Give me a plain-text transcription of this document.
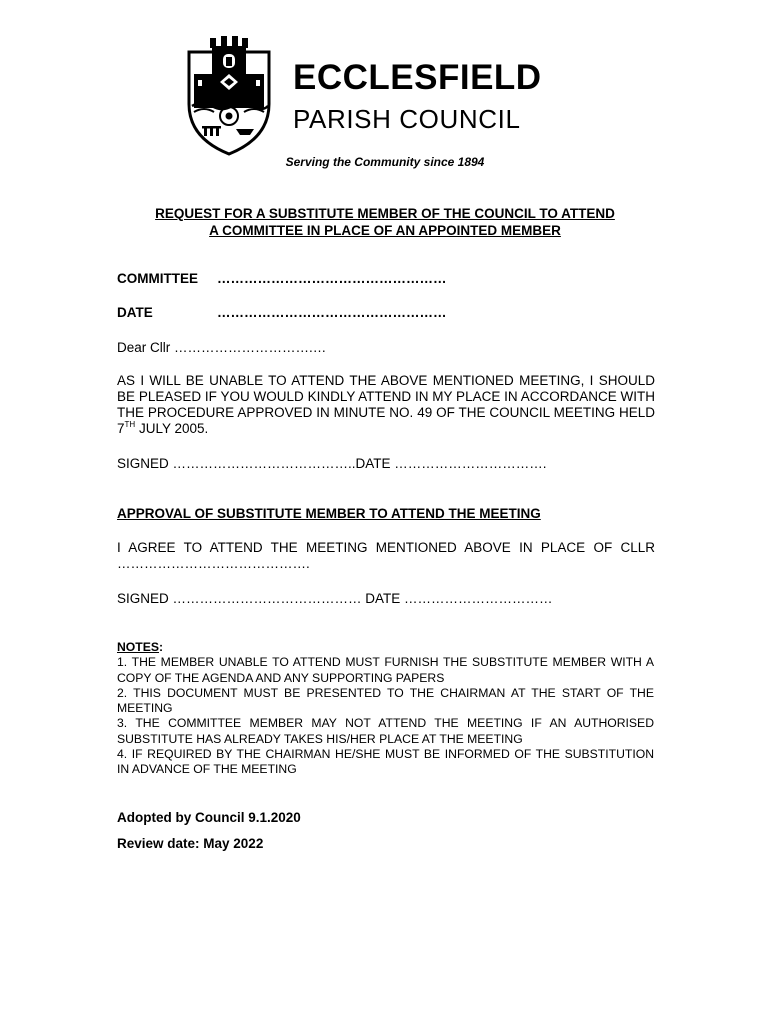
ECCLESFIELD
PARISH COUNCIL
Serving the Community since 1894
REQUEST FOR A SUBSTITUTE MEMBER OF THE COUNCIL TO ATTEND
A COMMITTEE IN PLACE OF AN APPOINTED MEMBER
COMMITTEE ……………………………………………
DATE	……………………………………………
Dear Cllr ………………………….…
AS I WILL BE UNABLE TO ATTEND THE ABOVE MENTIONED MEETING, I SHOULD BE PLEASED IF YOU WOULD KINDLY ATTEND IN MY PLACE IN ACCORDANCE WITH THE PROCEDURE APPROVED IN MINUTE NO. 49 OF THE COUNCIL MEETING HELD 7TH JULY 2005.
SIGNED …………………………………..DATE …………………………….
APPROVAL OF SUBSTITUTE MEMBER TO ATTEND THE MEETING
I AGREE TO ATTEND THE MEETING MENTIONED ABOVE IN PLACE OF CLLR …………………………………….
SIGNED …………………………………… DATE ……………………………
NOTES:

1. THE MEMBER UNABLE TO ATTEND MUST FURNISH THE SUBSTITUTE MEMBER WITH A COPY OF THE AGENDA AND ANY SUPPORTING PAPERS

2. THIS DOCUMENT MUST BE PRESENTED TO THE CHAIRMAN AT THE START OF THE MEETING

3. THE COMMITTEE MEMBER MAY NOT ATTEND THE MEETING IF AN AUTHORISED SUBSTITUTE HAS ALREADY TAKES HIS/HER PLACE AT THE MEETING

4. IF REQUIRED BY THE CHAIRMAN HE/SHE MUST BE INFORMED OF THE SUBSTITUTION IN ADVANCE OF THE MEETING

Adopted by Council 9.1.2020
Review date: May 2022
